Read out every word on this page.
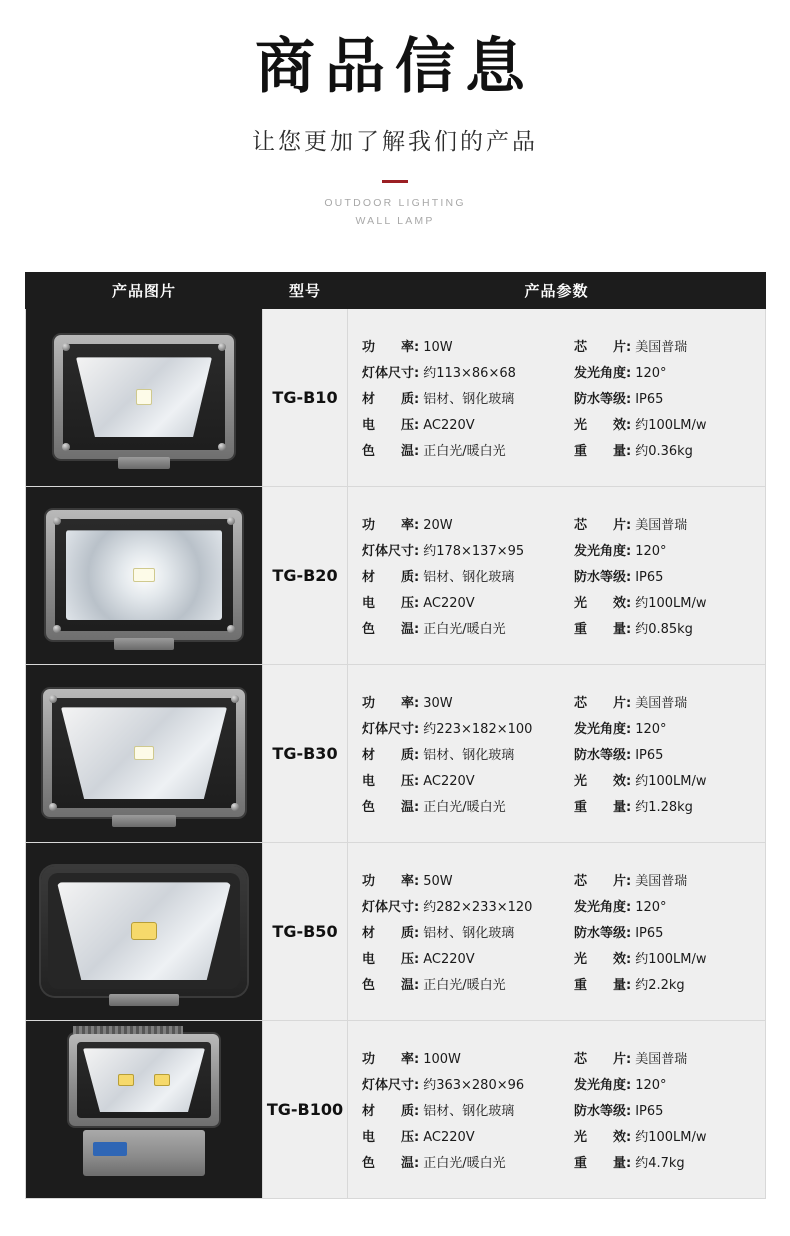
商品信息
让您更加了解我们的产品
OUTDOOR LIGHTING
WALL LAMP
产品图片	型号	产品参数

	TG-B10	
功　　率: 10W	芯　　片: 美国普瑞
灯体尺寸: 约113×86×68	发光角度: 120°
材　　质: 铝材、钢化玻璃	防水等级: IP65
电　　压: AC220V	光　　效: 约100LM/w
色　　温: 正白光/暖白光	重　　量: 约0.36kg

	TG-B20	
功　　率: 20W	芯　　片: 美国普瑞
灯体尺寸: 约178×137×95	发光角度: 120°
材　　质: 铝材、钢化玻璃	防水等级: IP65
电　　压: AC220V	光　　效: 约100LM/w
色　　温: 正白光/暖白光	重　　量: 约0.85kg

	TG-B30	
功　　率: 30W	芯　　片: 美国普瑞
灯体尺寸: 约223×182×100	发光角度: 120°
材　　质: 铝材、钢化玻璃	防水等级: IP65
电　　压: AC220V	光　　效: 约100LM/w
色　　温: 正白光/暖白光	重　　量: 约1.28kg

	TG-B50	
功　　率: 50W	芯　　片: 美国普瑞
灯体尺寸: 约282×233×120	发光角度: 120°
材　　质: 铝材、钢化玻璃	防水等级: IP65
电　　压: AC220V	光　　效: 约100LM/w
色　　温: 正白光/暖白光	重　　量: 约2.2kg

	TG-B100	
功　　率: 100W	芯　　片: 美国普瑞
灯体尺寸: 约363×280×96	发光角度: 120°
材　　质: 铝材、钢化玻璃	防水等级: IP65
电　　压: AC220V	光　　效: 约100LM/w
色　　温: 正白光/暖白光	重　　量: 约4.7kg
